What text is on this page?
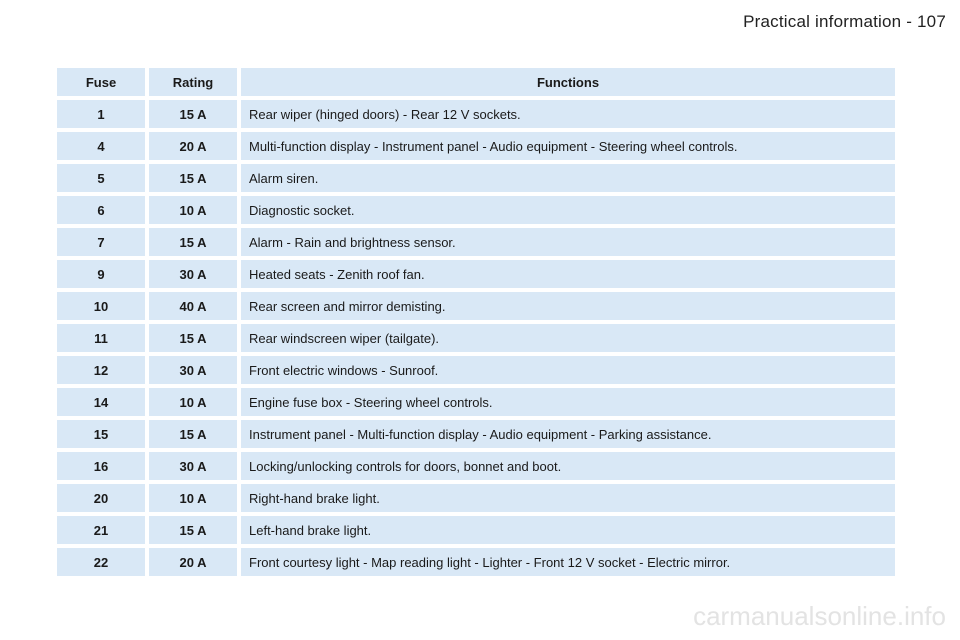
Practical information - 107
Fuse	Rating	Functions
1	15 A	Rear wiper (hinged doors) - Rear 12 V sockets.
4	20 A	Multi-function display - Instrument panel - Audio equipment - Steering wheel controls.
5	15 A	Alarm siren.
6	10 A	Diagnostic socket.
7	15 A	Alarm - Rain and brightness sensor.
9	30 A	Heated seats - Zenith roof fan.
10	40 A	Rear screen and mirror demisting.
11	15 A	Rear windscreen wiper (tailgate).
12	30 A	Front electric windows - Sunroof.
14	10 A	Engine fuse box - Steering wheel controls.
15	15 A	Instrument panel - Multi-function display - Audio equipment - Parking assistance.
16	30 A	Locking/unlocking controls for doors, bonnet and boot.
20	10 A	Right-hand brake light.
21	15 A	Left-hand brake light.
22	20 A	Front courtesy light - Map reading light - Lighter - Front 12 V socket - Electric mirror.
carmanualsonline.info
